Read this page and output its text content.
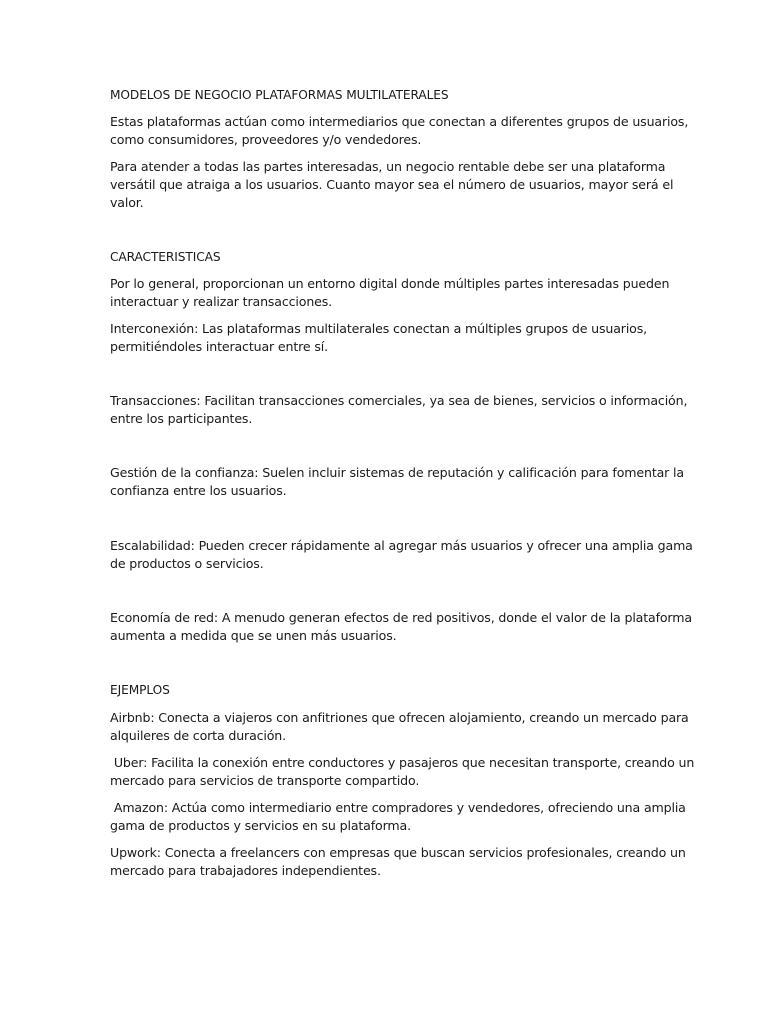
MODELOS DE NEGOCIO PLATAFORMAS MULTILATERALES

Estas plataformas actúan como intermediarios que conectan a diferentes grupos de usuarios,
como consumidores, proveedores y/o vendedores.

Para atender a todas las partes interesadas, un negocio rentable debe ser una plataforma
versátil que atraiga a los usuarios. Cuanto mayor sea el número de usuarios, mayor será el
valor.

CARACTERISTICAS

Por lo general, proporcionan un entorno digital donde múltiples partes interesadas pueden
interactuar y realizar transacciones.

Interconexión: Las plataformas multilaterales conectan a múltiples grupos de usuarios,
permitiéndoles interactuar entre sí.

Transacciones: Facilitan transacciones comerciales, ya sea de bienes, servicios o información,
entre los participantes.

Gestión de la confianza: Suelen incluir sistemas de reputación y calificación para fomentar la
confianza entre los usuarios.

Escalabilidad: Pueden crecer rápidamente al agregar más usuarios y ofrecer una amplia gama
de productos o servicios.

Economía de red: A menudo generan efectos de red positivos, donde el valor de la plataforma
aumenta a medida que se unen más usuarios.

EJEMPLOS

Airbnb: Conecta a viajeros con anfitriones que ofrecen alojamiento, creando un mercado para
alquileres de corta duración.

Uber: Facilita la conexión entre conductores y pasajeros que necesitan transporte, creando un
mercado para servicios de transporte compartido.

Amazon: Actúa como intermediario entre compradores y vendedores, ofreciendo una amplia
gama de productos y servicios en su plataforma.

Upwork: Conecta a freelancers con empresas que buscan servicios profesionales, creando un
mercado para trabajadores independientes.
